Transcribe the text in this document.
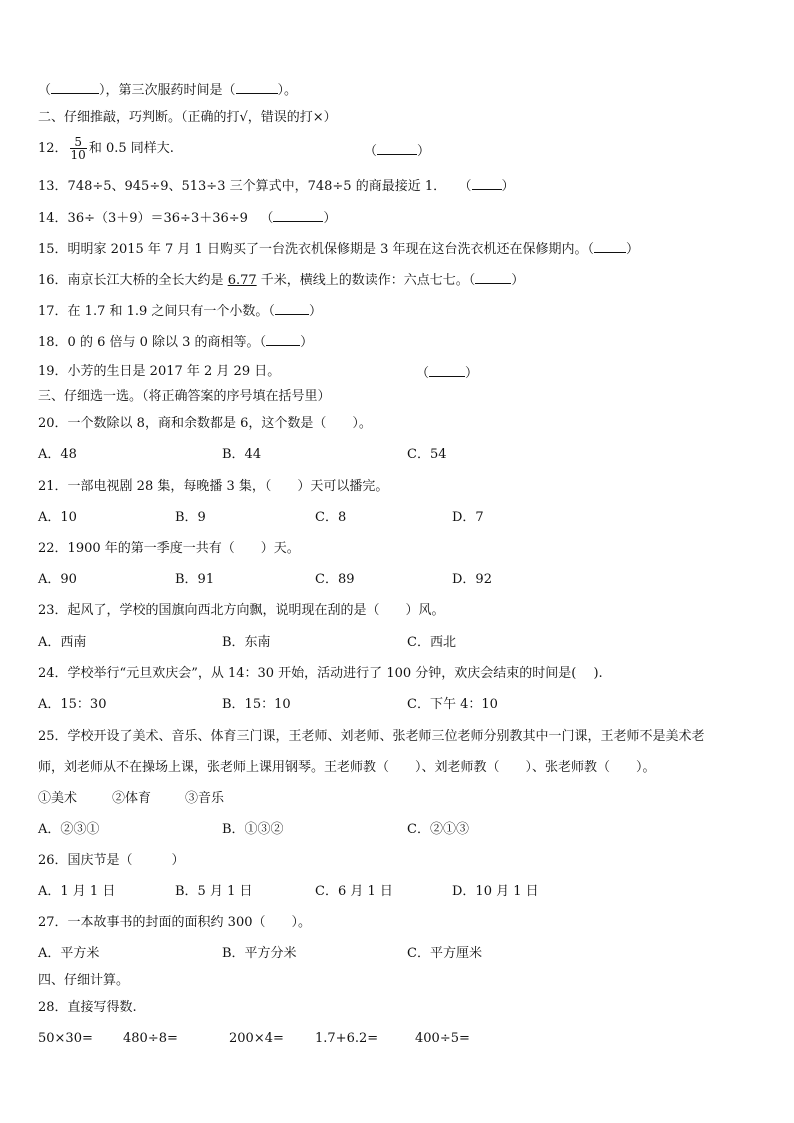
（	），第三次服药时间是（	）。
二、仔细推敲，巧判断。（正确的打√，错误的打×）
12． $\frac{5}{10}$ 和 0.5 同样大.	（	）
13．748÷5、945÷9、513÷3 三个算式中，748÷5 的商最接近 1． （ ）
14．36÷（3＋9）＝36÷3＋36÷9 （	）
15．明明家 2015 年 7 月 1 日购买了一台洗衣机保修期是 3 年现在这台洗衣机还在保修期内。（ ）
16．南京长江大桥的全长大约是 6.77 千米，横线上的数读作：六点七七。（	）
17．在 1.7 和 1.9 之间只有一个小数。（	）
18．0 的 6 倍与 0 除以 3 的商相等。（	）
19．小芳的生日是 2017 年 2 月 29 日。	（	）
三、仔细选一选。（将正确答案的序号填在括号里）
20．一个数除以 8，商和余数都是 6，这个数是（　　）。
A．48	B．44	C．54
21．一部电视剧 28 集，每晚播 3 集，（　　）天可以播完。
A．10	B．9	C．8	D．7
22．1900 年的第一季度一共有（　　）天。
A．90	B．91	C．89	D．92
23．起风了，学校的国旗向西北方向飘，说明现在刮的是（　　）风。
A．西南	B．东南	C．西北
24．学校举行“元旦欢庆会”，从 14：30 开始，活动进行了 100 分钟，欢庆会结束的时间是(　 ).
A．15：30	B．15：10	C．下午 4：10
25．学校开设了美术、音乐、体育三门课，王老师、刘老师、张老师三位老师分别教其中一门课，王老师不是美术老
师，刘老师从不在操场上课，张老师上课用钢琴。王老师教（　　）、刘老师教（　　）、张老师教（　　）。
①美术	②体育	③音乐
A．②③①	B．①③②	C．②①③
26．国庆节是（　　　）
A．1 月 1 日	B．5 月 1 日	C．6 月 1 日	D．10 月 1 日
27．一本故事书的封面的面积约 300（　　）。
A．平方米	B．平方分米	C．平方厘米
四、仔细计算。
28．直接写得数.
50×30= 480÷8=	200×4= 1.7+6.2=	400÷5=
